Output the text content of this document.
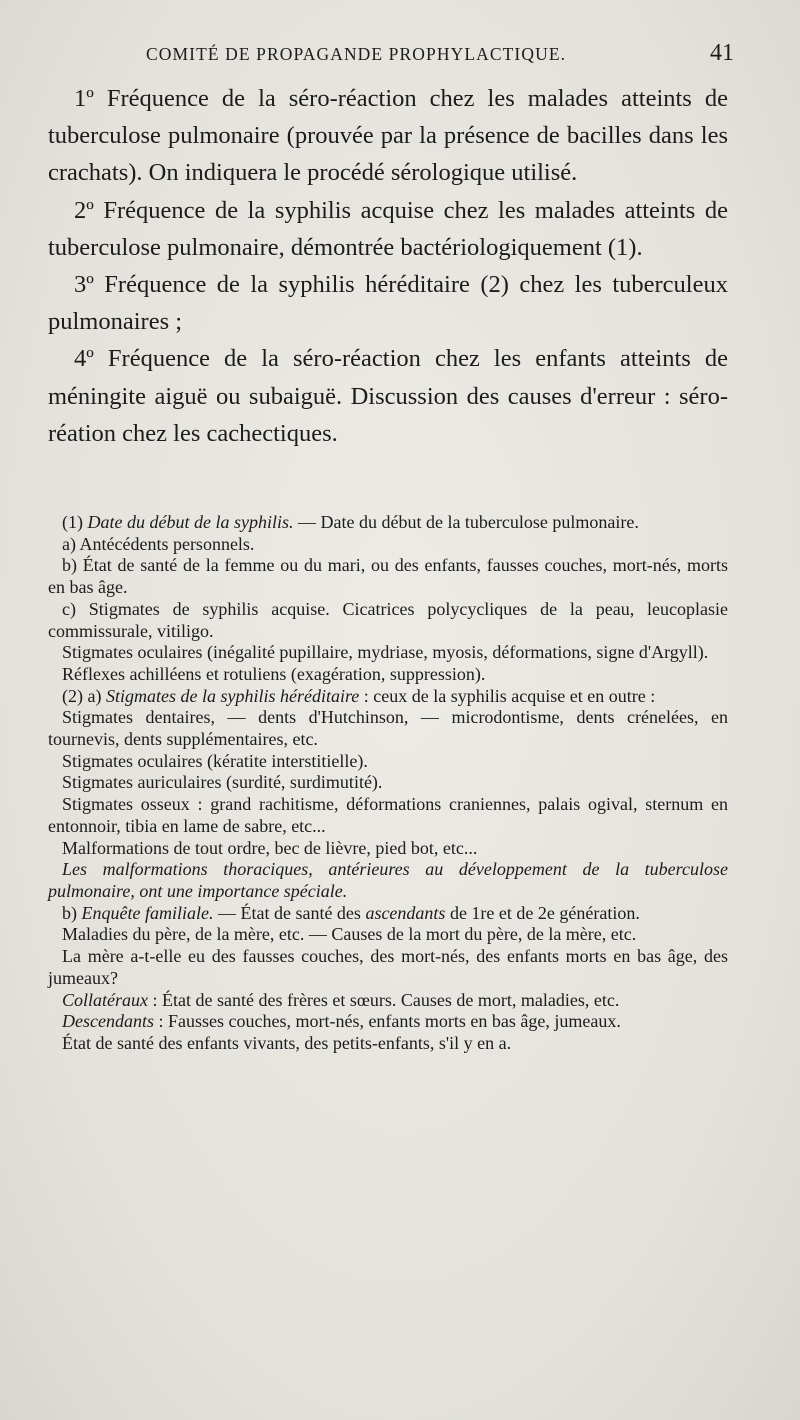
COMITÉ DE PROPAGANDE PROPHYLACTIQUE.	41

1º Fréquence de la séro-réaction chez les malades atteints de tuberculose pulmonaire (prouvée par la présence de bacilles dans les crachats). On indiquera le procédé sérologique utilisé.

2º Fréquence de la syphilis acquise chez les malades atteints de tuberculose pulmonaire, démontrée bactériologiquement (1).

3º Fréquence de la syphilis héréditaire (2) chez les tuberculeux pulmonaires ;

4º Fréquence de la séro-réaction chez les enfants atteints de méningite aiguë ou subaiguë. Discussion des causes d'erreur : séro-réation chez les cachectiques.

(1) Date du début de la syphilis. — Date du début de la tuberculose pulmonaire.

a) Antécédents personnels.

b) État de santé de la femme ou du mari, ou des enfants, fausses couches, mort-nés, morts en bas âge.

c) Stigmates de syphilis acquise. Cicatrices polycycliques de la peau, leucoplasie commissurale, vitiligo.

Stigmates oculaires (inégalité pupillaire, mydriase, myosis, déformations, signe d'Argyll).

Réflexes achilléens et rotuliens (exagération, suppression).

(2) a) Stigmates de la syphilis héréditaire : ceux de la syphilis acquise et en outre :

Stigmates dentaires, — dents d'Hutchinson, — microdontisme, dents crénelées, en tournevis, dents supplémentaires, etc.

Stigmates oculaires (kératite interstitielle).

Stigmates auriculaires (surdité, surdimutité).

Stigmates osseux : grand rachitisme, déformations craniennes, palais ogival, sternum en entonnoir, tibia en lame de sabre, etc...

Malformations de tout ordre, bec de lièvre, pied bot, etc...

Les malformations thoraciques, antérieures au développement de la tuberculose pulmonaire, ont une importance spéciale.

b) Enquête familiale. — État de santé des ascendants de 1re et de 2e génération.

Maladies du père, de la mère, etc. — Causes de la mort du père, de la mère, etc.

La mère a-t-elle eu des fausses couches, des mort-nés, des enfants morts en bas âge, des jumeaux?

Collatéraux : État de santé des frères et sœurs. Causes de mort, maladies, etc.

Descendants : Fausses couches, mort-nés, enfants morts en bas âge, jumeaux.

État de santé des enfants vivants, des petits-enfants, s'il y en a.
